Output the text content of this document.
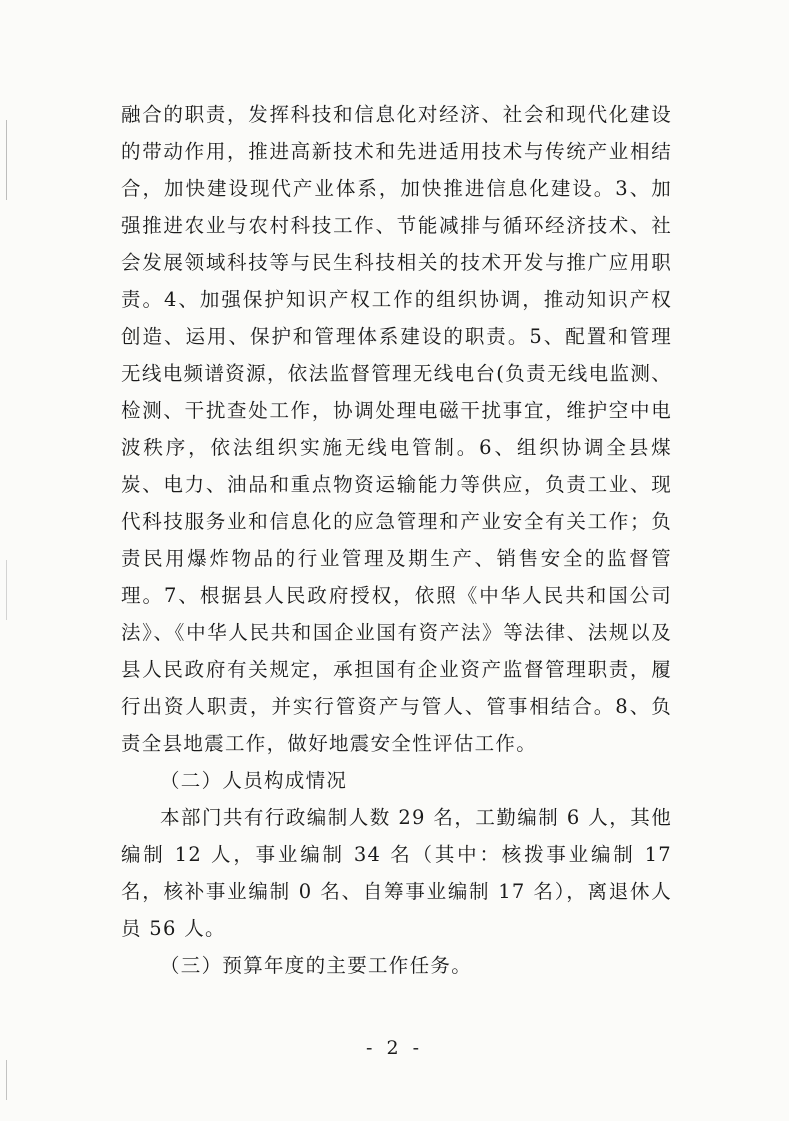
融合的职责，发挥科技和信息化对经济、社会和现代化建设的带动作用，推进高新技术和先进适用技术与传统产业相结合，加快建设现代产业体系，加快推进信息化建设。3、加强推进农业与农村科技工作、节能减排与循环经济技术、社会发展领域科技等与民生科技相关的技术开发与推广应用职责。4、加强保护知识产权工作的组织协调，推动知识产权创造、运用、保护和管理体系建设的职责。5、配置和管理无线电频谱资源，依法监督管理无线电台(负责无线电监测、检测、干扰查处工作，协调处理电磁干扰事宜，维护空中电波秩序，依法组织实施无线电管制。6、组织协调全县煤炭、电力、油品和重点物资运输能力等供应，负责工业、现代科技服务业和信息化的应急管理和产业安全有关工作；负责民用爆炸物品的行业管理及期生产、销售安全的监督管理。7、根据县人民政府授权，依照《中华人民共和国公司法》、《中华人民共和国企业国有资产法》等法律、法规以及县人民政府有关规定，承担国有企业资产监督管理职责，履行出资人职责，并实行管资产与管人、管事相结合。8、负责全县地震工作，做好地震安全性评估工作。

（二）人员构成情况

本部门共有行政编制人数 29 名，工勤编制 6 人，其他编制 12 人，事业编制 34 名（其中：核拨事业编制 17 名，核补事业编制 0 名、自筹事业编制 17 名），离退休人员 56 人。

（三）预算年度的主要工作任务。

- 2 -
